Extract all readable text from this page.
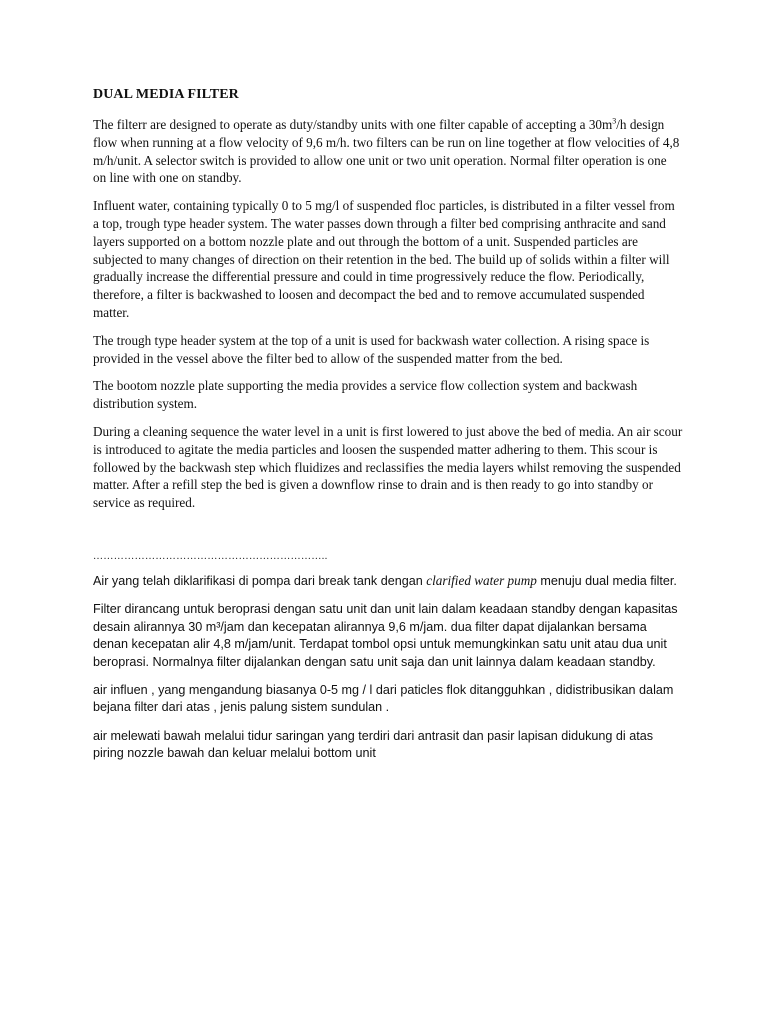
DUAL MEDIA FILTER

The filterr are designed to operate as duty/standby units with one filter capable of accepting a $30m^3/h$ design flow when running at a flow velocity of 9,6 m/h. two filters can be run on line together at flow velocities of 4,8 m/h/unit. A selector switch is provided to allow one unit or two unit operation. Normal filter operation is one on line with one on standby.

Influent water, containing typically 0 to 5 mg/l of suspended floc particles, is distributed in a filter vessel from a top, trough type header system. The water passes down through a filter bed comprising anthracite and sand layers supported on a bottom nozzle plate and out through the bottom of a unit. Suspended particles are subjected to many changes of direction on their retention in the bed. The build up of solids within a filter will gradually increase the differential pressure and could in time progressively reduce the flow. Periodically, therefore, a filter is backwashed to loosen and decompact the bed and to remove accumulated suspended matter.

The trough type header system at the top of a unit is used for backwash water collection. A rising space is provided in the vessel above the filter bed to allow of the suspended matter from the bed.

The bootom nozzle plate supporting the media provides a service flow collection system and backwash distribution system.

During a cleaning sequence the water level in a unit is first lowered to just above the bed of media. An air scour is introduced to agitate the media particles and loosen the suspended matter adhering to them. This scour is followed by the backwash step which fluidizes and reclassifies the media layers whilst removing the suspended matter. After a refill step the bed is given a downflow rinse to drain and is then ready to go into standby or service as required.

…………………………………………………………..

Air yang telah diklarifikasi di pompa dari break tank dengan clarified water pump menuju dual media filter.

Filter dirancang untuk beroprasi dengan satu unit dan unit lain dalam keadaan standby dengan kapasitas desain alirannya 30 m³/jam dan kecepatan alirannya 9,6 m/jam. dua filter dapat dijalankan bersama denan kecepatan alir 4,8 m/jam/unit. Terdapat tombol opsi untuk memungkinkan satu unit atau dua unit beroprasi. Normalnya filter dijalankan dengan satu unit saja dan unit lainnya dalam keadaan standby.

air influen , yang mengandung biasanya 0-5 mg / l dari paticles flok ditangguhkan , didistribusikan dalam bejana filter dari atas , jenis palung sistem sundulan .

air melewati bawah melalui tidur saringan yang terdiri dari antrasit dan pasir lapisan didukung di atas piring nozzle bawah dan keluar melalui bottom unit
